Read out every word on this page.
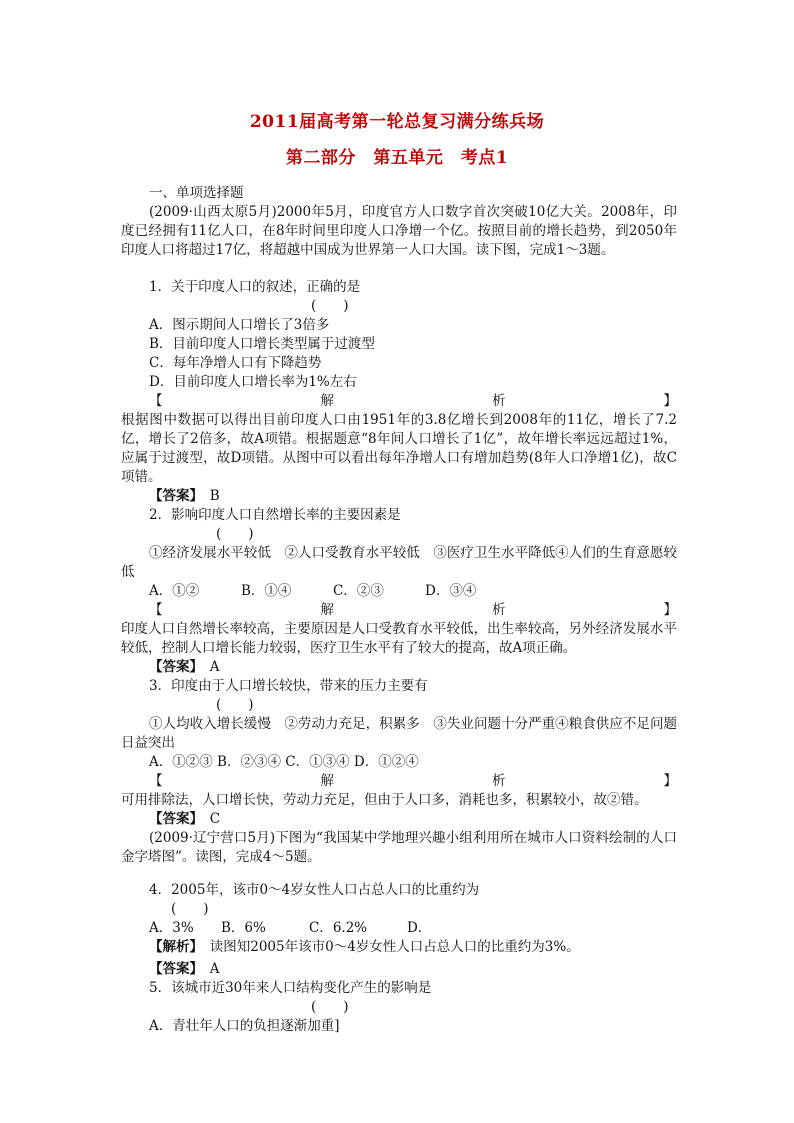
2011届高考第一轮总复习满分练兵场
第二部分　第五单元　考点1

一、单项选择题

(2009·山西太原5月)2000年5月，印度官方人口数字首次突破10亿大关。2008年，印度已经拥有11亿人口，在8年时间里印度人口净增一个亿。按照目前的增长趋势，到2050年印度人口将超过17亿，将超越中国成为世界第一人口大国。读下图，完成1～3题。

1．关于印度人口的叙述，正确的是

(　　)

A．图示期间人口增长了3倍多

B．目前印度人口增长类型属于过渡型

C．每年净增人口有下降趋势

D．目前印度人口增长率为1%左右

【	解	析	】

根据图中数据可以得出目前印度人口由1951年的3.8亿增长到2008年的11亿，增长了7.2亿，增长了2倍多，故A项错。根据题意“8年间人口增长了1亿”，故年增长率远远超过1%，应属于过渡型，故D项错。从图中可以看出每年净增人口有增加趋势(8年人口净增1亿)，故C项错。

【答案】　 B

2．影响印度人口自然增长率的主要因素是

(　　)

①经济发展水平较低　②人口受教育水平较低　③医疗卫生水平降低④人们的生育意愿较低

A．①②	B．①④	C．②③	D．③④

【	解	析	】

印度人口自然增长率较高，主要原因是人口受教育水平较低，出生率较高，另外经济发展水平较低，控制人口增长能力较弱，医疗卫生水平有了较大的提高，故A项正确。

【答案】　 A

3．印度由于人口增长较快，带来的压力主要有

(　　)

①人均收入增长缓慢　②劳动力充足，积累多　③失业问题十分严重④粮食供应不足问题日益突出

A．①②③ B．②③④ C．①③④ D．①②④

【	解	析	】

可用排除法，人口增长快，劳动力充足，但由于人口多，消耗也多，积累较小，故②错。

【答案】　 C

(2009·辽宁营口5月)下图为“我国某中学地理兴趣小组利用所在城市人口资料绘制的人口金字塔图”。读图，完成4～5题。

4．2005年，该市0～4岁女性人口占总人口的比重约为

(　　)

A．3% B．6%	C．6.2%	D．

【解析】　 读图知2005年该市0～4岁女性人口占总人口的比重约为3%。

【答案】　 A

5．该城市近30年来人口结构变化产生的影响是

(　　)

A．青壮年人口的负担逐渐加重]
